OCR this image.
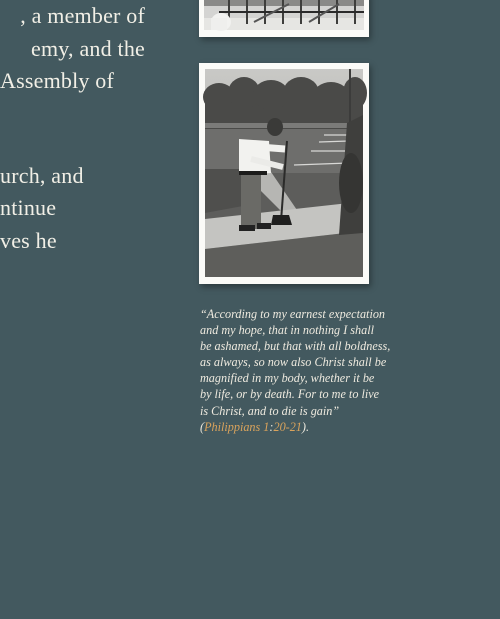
, a member of
emy, and the
Assembly of
urch, and
ntinue
ves he
“According to my earnest expectation
and my hope, that in nothing I shall
be ashamed, but that with all boldness,
as always, so now also Christ shall be
magnified in my body, whether it be
by life, or by death. For to me to live
is Christ, and to die is gain”
(Philippians 1:20-21).
